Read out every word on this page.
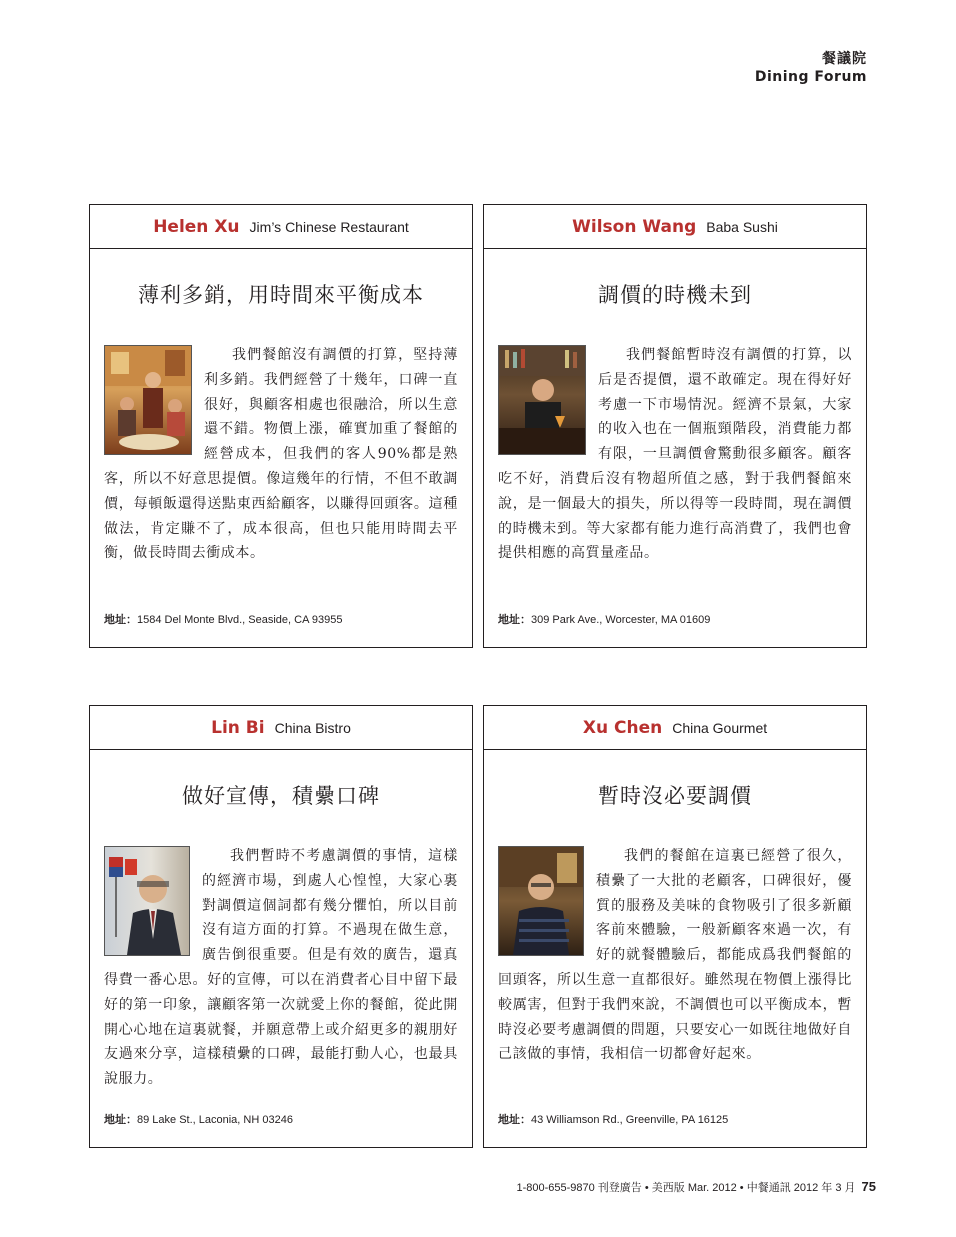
餐議院
Dining Forum
Helen Xu Jim’s Chinese Restaurant
薄利多銷，用時間來平衡成本

我們餐館沒有調價的打算，堅持薄利多銷。我們經營了十幾年，口碑一直很好，與顧客相處也很融洽，所以生意還不錯。物價上漲，確實加重了餐館的經營成本，但我們的客人90%都是熟客，所以不好意思提價。像這幾年的行情，不但不敢調價，每頓飯還得送點東西給顧客，以賺得回頭客。這種做法，肯定賺不了，成本很高，但也只能用時間去平衡，做長時間去衝成本。

地址：1584 Del Monte Blvd., Seaside, CA 93955
Wilson Wang Baba Sushi
調價的時機未到

我們餐館暫時沒有調價的打算，以后是否提價，還不敢確定。現在得好好考慮一下市場情況。經濟不景氣，大家的收入也在一個瓶頸階段，消費能力都有限，一旦調價會驚動很多顧客。顧客吃不好，消費后沒有物超所值之感，對于我們餐館來說，是一個最大的損失，所以得等一段時間，現在調價的時機未到。等大家都有能力進行高消費了，我們也會提供相應的高質量產品。

地址：309 Park Ave., Worcester, MA 01609
Lin Bi China Bistro
做好宣傳，積纍口碑

我們暫時不考慮調價的事情，這樣的經濟市場，到處人心惶惶，大家心裏對調價這個詞都有幾分懼怕，所以目前沒有這方面的打算。不過現在做生意，廣告倒很重要。但是有效的廣告，還真得費一番心思。好的宣傳，可以在消費者心目中留下最好的第一印象，讓顧客第一次就愛上你的餐館，從此開開心心地在這裏就餐，并願意帶上或介紹更多的親朋好友過來分享，這樣積纍的口碑，最能打動人心，也最具說服力。

地址：89 Lake St., Laconia, NH 03246
Xu Chen China Gourmet
暫時沒必要調價

我們的餐館在這裏已經營了很久，積纍了一大批的老顧客，口碑很好，優質的服務及美味的食物吸引了很多新顧客前來體驗，一般新顧客來過一次，有好的就餐體驗后，都能成爲我們餐館的回頭客，所以生意一直都很好。雖然現在物價上漲得比較厲害，但對于我們來說，不調價也可以平衡成本，暫時沒必要考慮調價的問題，只要安心一如既往地做好自己該做的事情，我相信一切都會好起來。

地址：43 Williamson Rd., Greenville, PA 16125
1-800-655-9870 刊登廣告 • 美西版 Mar. 2012 • 中餐通訊 2012 年 3 月 75
